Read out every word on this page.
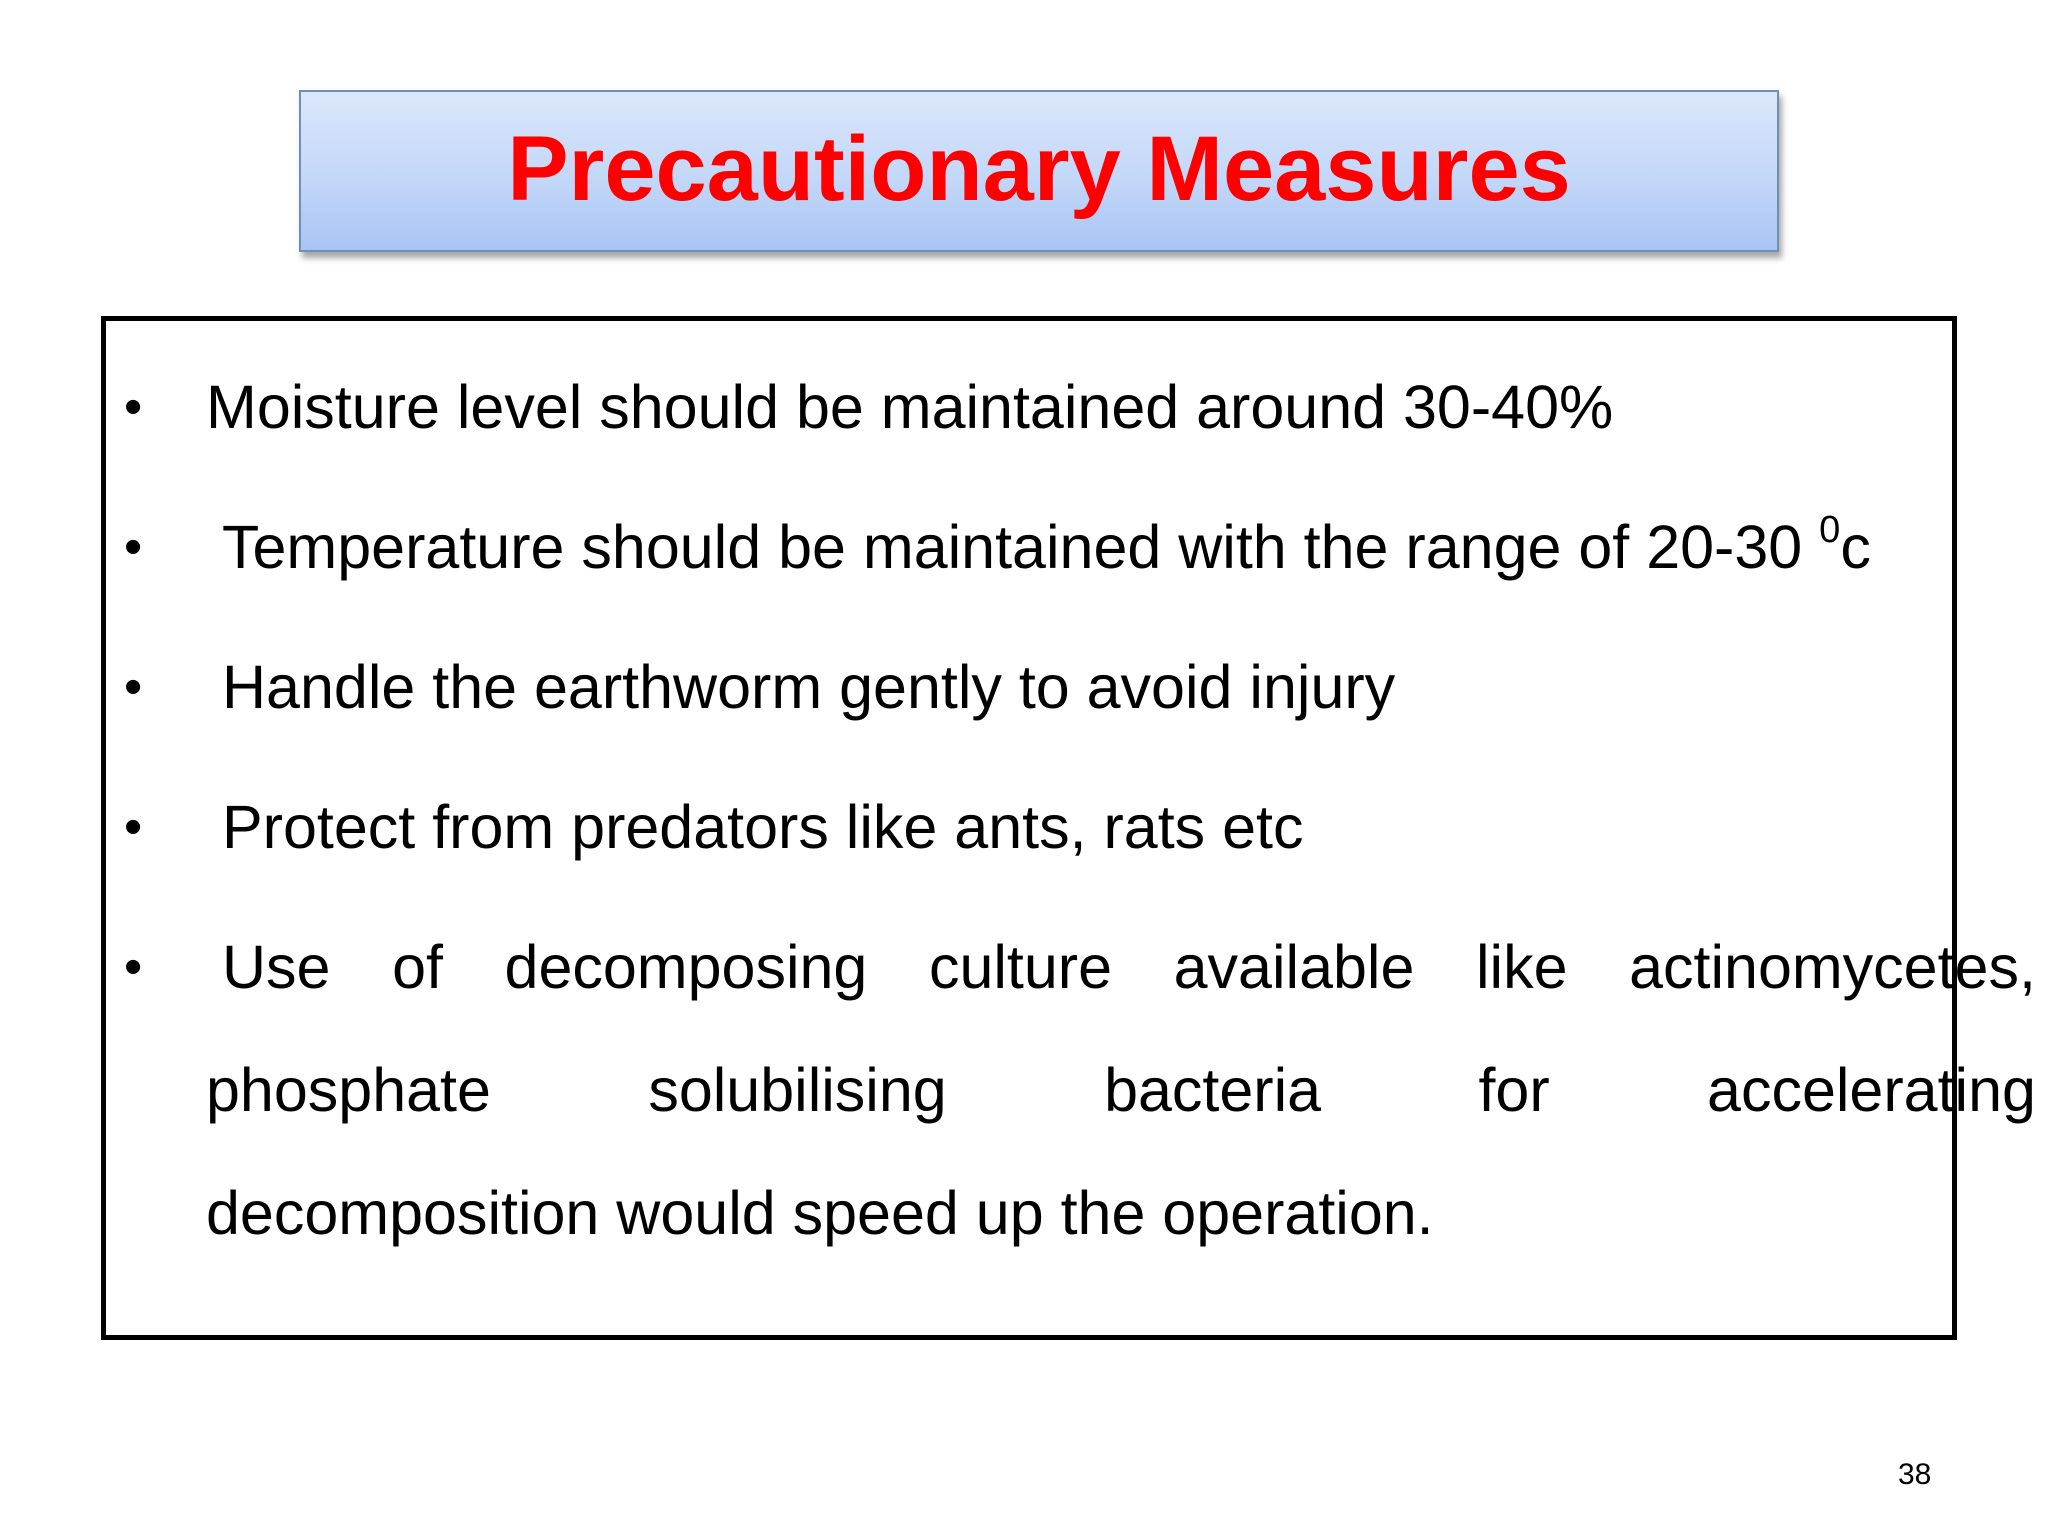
Precautionary Measures
• Moisture level should be maintained around 30-40%
• Temperature should be maintained with the range of 20-30 $^0$c
• Handle the earthworm gently to avoid injury
• Protect from predators like ants, rats etc
• Use of decomposing culture available like actinomycetes,
phosphate	solubilising	bacteria	for	accelerating
decomposition would speed up the operation.
38
